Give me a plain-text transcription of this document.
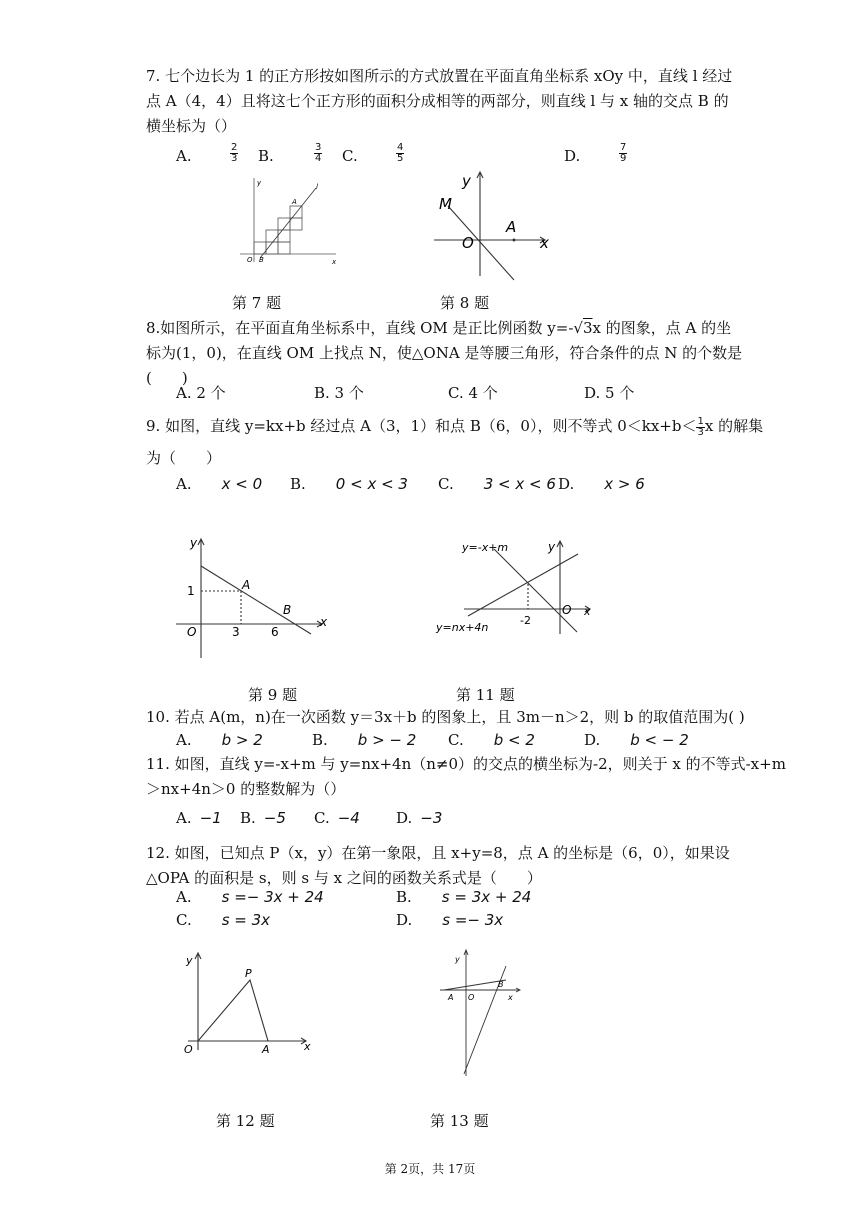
7. 七个边长为 1 的正方形按如图所示的方式放置在平面直角坐标系 xOy 中，直线 l 经过
点 A（4，4）且将这七个正方形的面积分成相等的两部分，则直线 l 与 x 轴的交点 B 的
横坐标为（）
A.	$\frac{2}{3} B$.	$\frac{3}{4} C$.	$\frac{4}{5}$	D.	$\frac{7}{9}$
y	l
A
O B	x
y
M
A
O	x
第 7 题	第 8 题
8.如图所示，在平面直角坐标系中，直线 OM 是正比例函数 y=-√3x 的图象，点 A 的坐
标为(1，0)，在直线 OM 上找点 N，使△ONA 是等腰三角形，符合条件的点 N 的个数是
(　　)
A. 2 个	B. 3 个	C. 4 个	D. 5 个
9. 如图，直线 y=kx+b 经过点 A（3，1）和点 B（6，0），则不等式 $0<kx+b< \frac{1}{3}$ x 的解集
为（　　）
A. x < 0 B. 0 < x < 3 C. 3 < x < 6 D. x > 6
y
1	A
B
O	3	6
x
y=-x+m
y=nx+4n
y
-2
O x
第 9 题	第 11 题
10. 若点 A(m，n)在一次函数 y＝3x＋b 的图象上，且 3m－n＞2，则 b 的取值范围为( )
A. b > 2	B. b > − 2 C. b < 2	D. b < − 2
11. 如图，直线 y=-x+m 与 y=nx+4n（n≠0）的交点的横坐标为-2，则关于 x 的不等式-x+m
＞nx+4n＞0 的整数解为（）
A. −1 B. −5 C. −4 D. −3
12. 如图，已知点 P（x，y）在第一象限，且 x+y=8，点 A 的坐标是（6，0），如果设
△OPA 的面积是 s，则 s 与 x 之间的函数关系式是（　　）
A. s =− 3x + 24	B. s = 3x + 24
C. s = 3x	D. s =− 3x
y
P
O	A	x
y
B
A O	x
第 12 题	第 13 题
第 2页，共 17页
